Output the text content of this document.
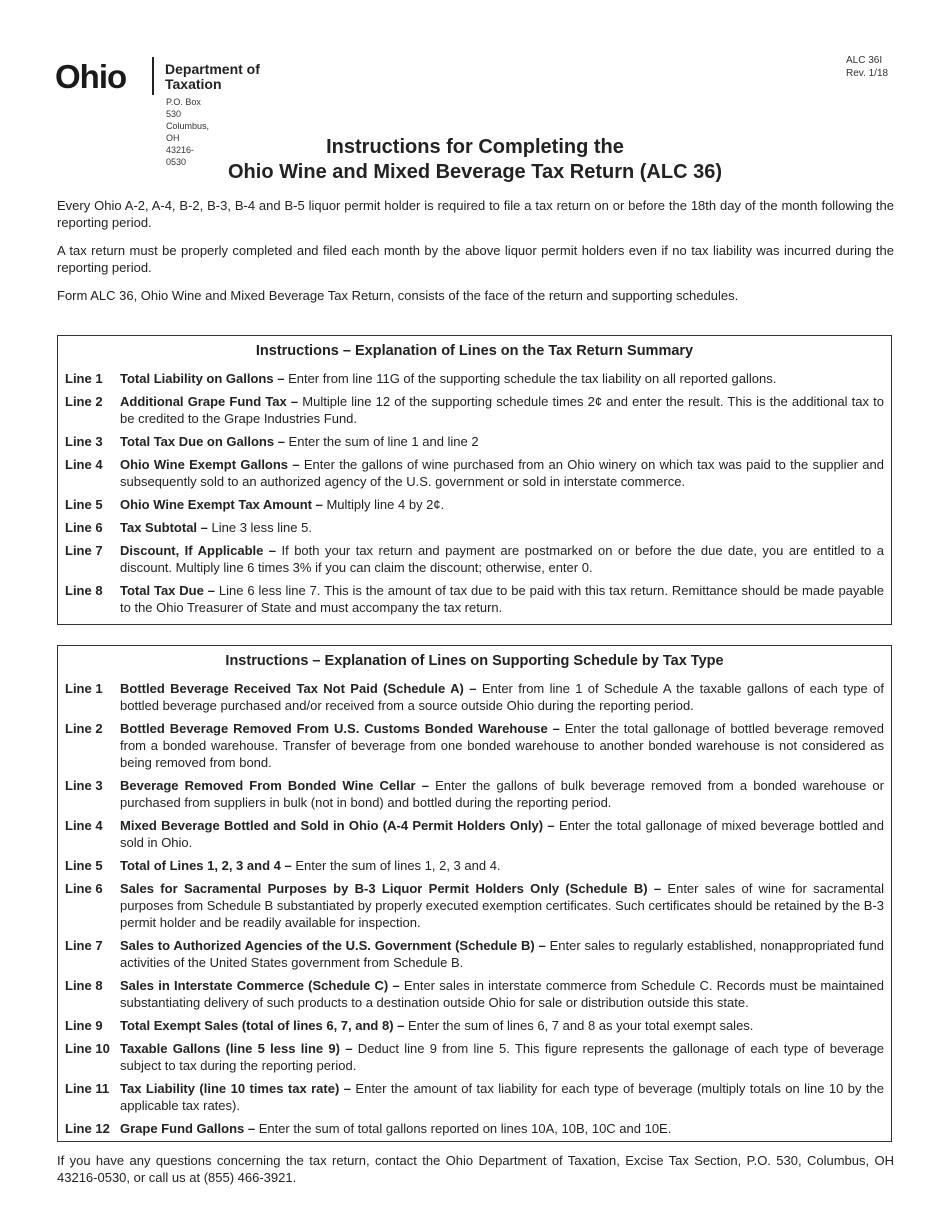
Ohio	Department of
Taxation
P.O. Box 530
Columbus, OH 43216-0530
ALC 36I
Rev. 1/18
Instructions for Completing the
Ohio Wine and Mixed Beverage Tax Return (ALC 36)

Every Ohio A-2, A-4, B-2, B-3, B-4 and B-5 liquor permit holder is required to file a tax return on or before the 18th day of the month following the reporting period.

A tax return must be properly completed and filed each month by the above liquor permit holders even if no tax liability was incurred during the reporting period.

Form ALC 36, Ohio Wine and Mixed Beverage Tax Return, consists of the face of the return and supporting schedules.

Instructions – Explanation of Lines on the Tax Return Summary
Line 1	Total Liability on Gallons – Enter from line 11G of the supporting schedule the tax liability on all reported gallons.
Line 2	Additional Grape Fund Tax – Multiple line 12 of the supporting schedule times 2¢ and enter the result. This is the additional tax to be credited to the Grape Industries Fund.
Line 3	Total Tax Due on Gallons – Enter the sum of line 1 and line 2
Line 4	Ohio Wine Exempt Gallons – Enter the gallons of wine purchased from an Ohio winery on which tax was paid to the supplier and subsequently sold to an authorized agency of the U.S. government or sold in interstate commerce.
Line 5	Ohio Wine Exempt Tax Amount – Multiply line 4 by 2¢.
Line 6	Tax Subtotal – Line 3 less line 5.
Line 7	Discount, If Applicable – If both your tax return and payment are postmarked on or before the due date, you are entitled to a discount. Multiply line 6 times 3% if you can claim the discount; otherwise, enter 0.
Line 8	Total Tax Due – Line 6 less line 7. This is the amount of tax due to be paid with this tax return. Remittance should be made payable to the Ohio Treasurer of State and must accompany the tax return.
Instructions – Explanation of Lines on Supporting Schedule by Tax Type
Line 1	Bottled Beverage Received Tax Not Paid (Schedule A) – Enter from line 1 of Schedule A the taxable gallons of each type of bottled beverage purchased and/or received from a source outside Ohio during the reporting period.
Line 2	Bottled Beverage Removed From U.S. Customs Bonded Warehouse – Enter the total gallonage of bottled beverage removed from a bonded warehouse. Transfer of beverage from one bonded warehouse to another bonded warehouse is not considered as being removed from bond.
Line 3	Beverage Removed From Bonded Wine Cellar – Enter the gallons of bulk beverage removed from a bonded warehouse or purchased from suppliers in bulk (not in bond) and bottled during the reporting period.
Line 4	Mixed Beverage Bottled and Sold in Ohio (A-4 Permit Holders Only) – Enter the total gallonage of mixed beverage bottled and sold in Ohio.
Line 5	Total of Lines 1, 2, 3 and 4 – Enter the sum of lines 1, 2, 3 and 4.
Line 6	Sales for Sacramental Purposes by B-3 Liquor Permit Holders Only (Schedule B) – Enter sales of wine for sacramental purposes from Schedule B substantiated by properly executed exemption certificates. Such certificates should be retained by the B-3 permit holder and be readily available for inspection.
Line 7	Sales to Authorized Agencies of the U.S. Government (Schedule B) – Enter sales to regularly established, nonappropriated fund activities of the United States government from Schedule B.
Line 8	Sales in Interstate Commerce (Schedule C) – Enter sales in interstate commerce from Schedule C. Records must be maintained substantiating delivery of such products to a destination outside Ohio for sale or distribution outside this state.
Line 9	Total Exempt Sales (total of lines 6, 7, and 8) – Enter the sum of lines 6, 7 and 8 as your total exempt sales.
Line 10 Taxable Gallons (line 5 less line 9) – Deduct line 9 from line 5. This figure represents the gallonage of each type of beverage subject to tax during the reporting period.
Line 11 Tax Liability (line 10 times tax rate) – Enter the amount of tax liability for each type of beverage (multiply totals on line 10 by the applicable tax rates).
Line 12 Grape Fund Gallons – Enter the sum of total gallons reported on lines 10A, 10B, 10C and 10E.
If you have any questions concerning the tax return, contact the Ohio Department of Taxation, Excise Tax Section, P.O. 530, Columbus, OH 43216-0530, or call us at (855) 466-3921.
